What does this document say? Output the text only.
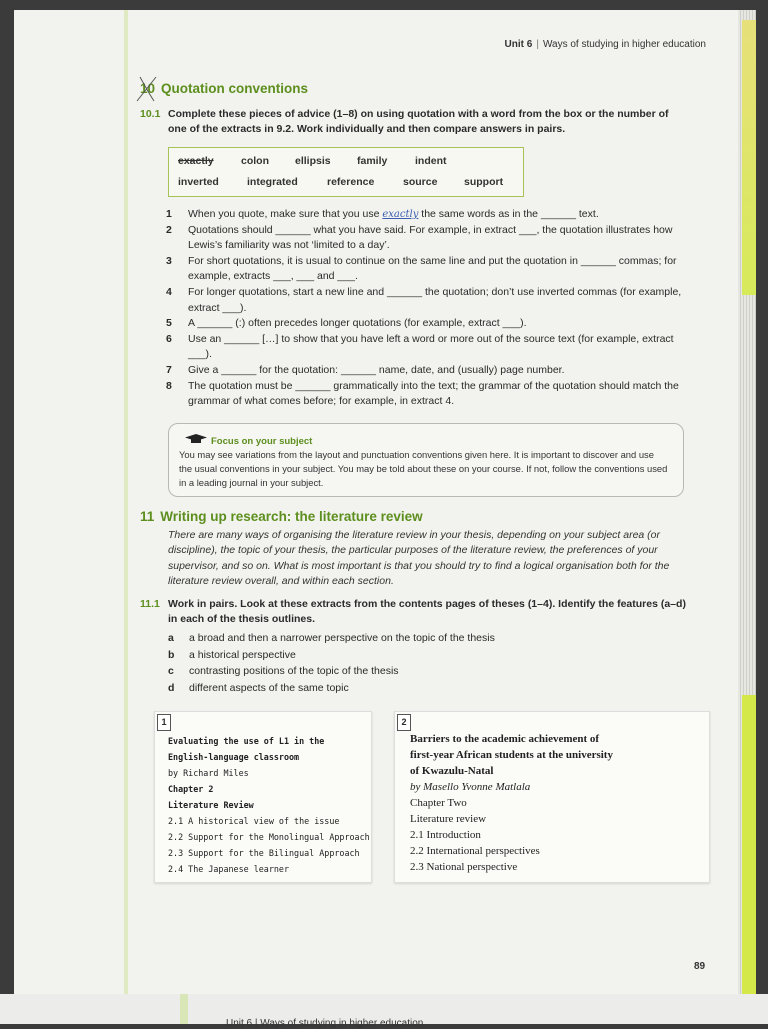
Unit 6 | Ways of studying in higher education
10 Quotation conventions
10.1 Complete these pieces of advice (1–8) on using quotation with a word from the box or the number of one of the extracts in 9.2. Work individually and then compare answers in pairs.
exactly	colon ellipsis	family	indent
inverted	integrated	reference	source	support
1	When you quote, make sure that you use exactly the same words as in the ______ text.
2	Quotations should ______ what you have said. For example, in extract ___, the quotation illustrates how Lewis’s familiarity was not ‘limited to a day’.
3	For short quotations, it is usual to continue on the same line and put the quotation in ______ commas; for example, extracts ___, ___ and ___.
4	For longer quotations, start a new line and ______ the quotation; don’t use inverted commas (for example, extract ___).
5	A ______ (:) often precedes longer quotations (for example, extract ___).
6	Use an ______ […] to show that you have left a word or more out of the source text (for example, extract ___).
7	Give a ______ for the quotation: ______ name, date, and (usually) page number.
8	The quotation must be ______ grammatically into the text; the grammar of the quotation should match the grammar of what comes before; for example, in extract 4.
Focus on your subject
You may see variations from the layout and punctuation conventions given here. It is important to discover and use the usual conventions in your subject. You may be told about these on your course. If not, follow the conventions used in a leading journal in your subject.
11 Writing up research: the literature review
There are many ways of organising the literature review in your thesis, depending on your subject area (or discipline), the topic of your thesis, the particular purposes of the literature review, the preferences of your supervisor, and so on. What is most important is that you should try to find a logical organisation both for the literature review overall, and within each section.
11.1 Work in pairs. Look at these extracts from the contents pages of theses (1–4). Identify the features (a–d) in each of the thesis outlines.
a a broad and then a narrower perspective on the topic of the thesis
b a historical perspective
c contrasting positions of the topic of the thesis
d different aspects of the same topic
1
Evaluating the use of L1 in the
English-language classroom
by Richard Miles
Chapter 2
Literature Review
2.1 A historical view of the issue
2.2 Support for the Monolingual Approach
2.3 Support for the Bilingual Approach
2.4 The Japanese learner
2
Barriers to the academic achievement of
first-year African students at the university
of Kwazulu-Natal
by Masello Yvonne Matlala
Chapter Two
Literature review
2.1 Introduction
2.2 International perspectives
2.3 National perspective
89
Unit 6 | Ways of studying in higher education
